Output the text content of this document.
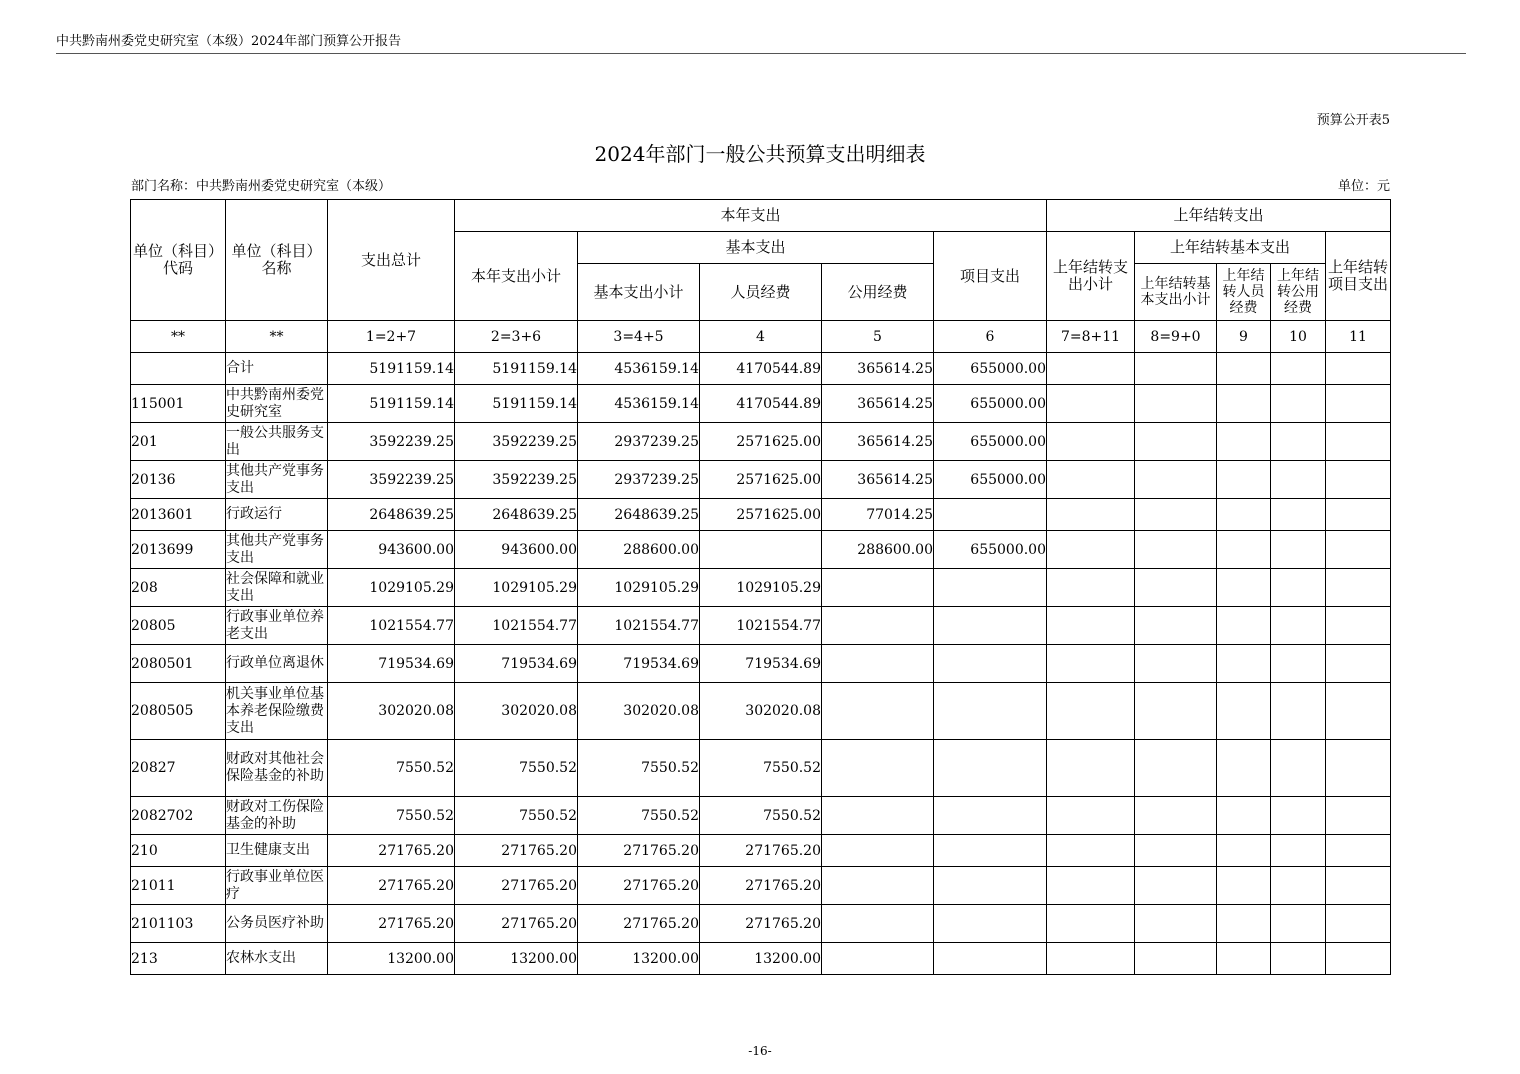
中共黔南州委党史研究室（本级）2024年部门预算公开报告
预算公开表5
2024年部门一般公共预算支出明细表
部门名称：中共黔南州委党史研究室（本级）	单位：元
单位（科目）代码	单位（科目）名称	支出总计	本年支出					上年结转支出				
			本年支出小计	基本支出			项目支出	上年结转支出小计	上年结转基本支出			上年结转项目支出
				基本支出小计	人员经费	公用经费			上年结转基本支出小计	上年结转人员经费	上年结转公用经费	
**	**	1=2+7	2=3+6	3=4+5	4	5	6	7=8+11	8=9+0	9	10	11
	合计	5191159.14	5191159.14	4536159.14	4170544.89	365614.25	655000.00					
115001	中共黔南州委党史研究室	5191159.14	5191159.14	4536159.14	4170544.89	365614.25	655000.00					
201	一般公共服务支出	3592239.25	3592239.25	2937239.25	2571625.00	365614.25	655000.00					
20136	其他共产党事务支出	3592239.25	3592239.25	2937239.25	2571625.00	365614.25	655000.00					
2013601	行政运行	2648639.25	2648639.25	2648639.25	2571625.00	77014.25						
2013699	其他共产党事务支出	943600.00	943600.00	288600.00		288600.00	655000.00					
208	社会保障和就业支出	1029105.29	1029105.29	1029105.29	1029105.29							
20805	行政事业单位养老支出	1021554.77	1021554.77	1021554.77	1021554.77							
2080501	行政单位离退休	719534.69	719534.69	719534.69	719534.69							
2080505	机关事业单位基本养老保险缴费支出	302020.08	302020.08	302020.08	302020.08							
20827	财政对其他社会保险基金的补助	7550.52	7550.52	7550.52	7550.52							
2082702	财政对工伤保险基金的补助	7550.52	7550.52	7550.52	7550.52							
210	卫生健康支出	271765.20	271765.20	271765.20	271765.20							
21011	行政事业单位医疗	271765.20	271765.20	271765.20	271765.20							
2101103	公务员医疗补助	271765.20	271765.20	271765.20	271765.20							
213	农林水支出	13200.00	13200.00	13200.00	13200.00							
-16-
